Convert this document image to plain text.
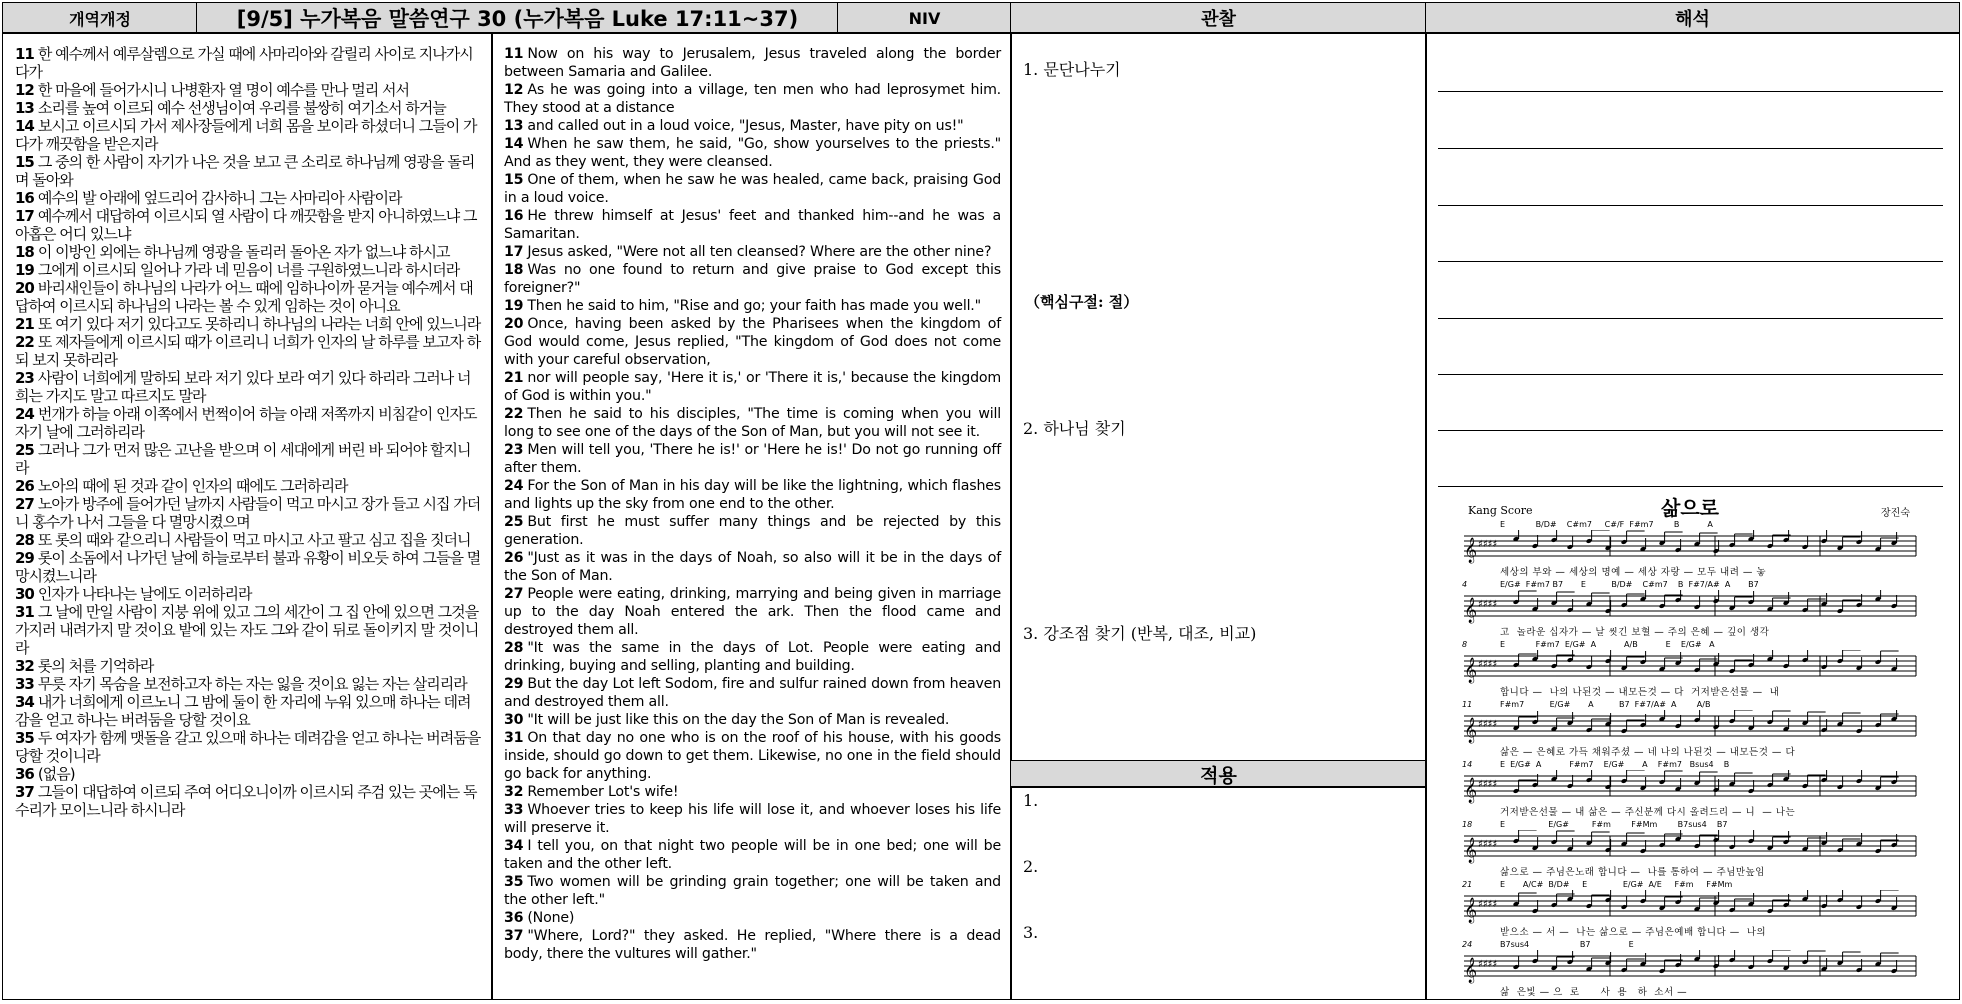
개역개정	[9/5] 누가복음 말씀연구 30 (누가복음 Luke 17:11~37)	NIV	관찰	해석
11 한 예수께서 예루살렘으로 가실 때에 사마리아와 갈릴리 사이로 지나가시다가
12 한 마을에 들어가시니 나병환자 열 명이 예수를 만나 멀리 서서
13 소리를 높여 이르되 예수 선생님이여 우리를 불쌍히 여기소서 하거늘
14 보시고 이르시되 가서 제사장들에게 너희 몸을 보이라 하셨더니 그들이 가다가 깨끗함을 받은지라
15 그 중의 한 사람이 자기가 나은 것을 보고 큰 소리로 하나님께 영광을 돌리며 돌아와
16 예수의 발 아래에 엎드리어 감사하니 그는 사마리아 사람이라
17 예수께서 대답하여 이르시되 열 사람이 다 깨끗함을 받지 아니하였느냐 그 아홉은 어디 있느냐
18 이 이방인 외에는 하나님께 영광을 돌리러 돌아온 자가 없느냐 하시고
19 그에게 이르시되 일어나 가라 네 믿음이 너를 구원하였느니라 하시더라
20 바리새인들이 하나님의 나라가 어느 때에 임하나이까 묻거늘 예수께서 대답하여 이르시되 하나님의 나라는 볼 수 있게 임하는 것이 아니요
21 또 여기 있다 저기 있다고도 못하리니 하나님의 나라는 너희 안에 있느니라
22 또 제자들에게 이르시되 때가 이르리니 너희가 인자의 날 하루를 보고자 하되 보지 못하리라
23 사람이 너희에게 말하되 보라 저기 있다 보라 여기 있다 하리라 그러나 너희는 가지도 말고 따르지도 말라
24 번개가 하늘 아래 이쪽에서 번쩍이어 하늘 아래 저쪽까지 비침같이 인자도 자기 날에 그러하리라
25 그러나 그가 먼저 많은 고난을 받으며 이 세대에게 버린 바 되어야 할지니라
26 노아의 때에 된 것과 같이 인자의 때에도 그러하리라
27 노아가 방주에 들어가던 날까지 사람들이 먹고 마시고 장가 들고 시집 가더니 홍수가 나서 그들을 다 멸망시켰으며
28 또 롯의 때와 같으리니 사람들이 먹고 마시고 사고 팔고 심고 집을 짓더니
29 롯이 소돔에서 나가던 날에 하늘로부터 불과 유황이 비오듯 하여 그들을 멸망시켰느니라
30 인자가 나타나는 날에도 이러하리라
31 그 날에 만일 사람이 지붕 위에 있고 그의 세간이 그 집 안에 있으면 그것을 가지러 내려가지 말 것이요 밭에 있는 자도 그와 같이 뒤로 돌이키지 말 것이니라
32 롯의 처를 기억하라
33 무릇 자기 목숨을 보전하고자 하는 자는 잃을 것이요 잃는 자는 살리리라
34 내가 너희에게 이르노니 그 밤에 둘이 한 자리에 누워 있으매 하나는 데려감을 얻고 하나는 버려둠을 당할 것이요
35 두 여자가 함께 맷돌을 갈고 있으매 하나는 데려감을 얻고 하나는 버려둠을 당할 것이니라
36 (없음)
37 그들이 대답하여 이르되 주여 어디오니이까 이르시되 주검 있는 곳에는 독수리가 모이느니라 하시니라
11 Now on his way to Jerusalem, Jesus traveled along the border between Samaria and Galilee.
12 As he was going into a village, ten men who had leprosymet him. They stood at a distance
13 and called out in a loud voice, "Jesus, Master, have pity on us!"
14 When he saw them, he said, "Go, show yourselves to the priests." And as they went, they were cleansed.
15 One of them, when he saw he was healed, came back, praising God in a loud voice.
16 He threw himself at Jesus' feet and thanked him--and he was a Samaritan.
17 Jesus asked, "Were not all ten cleansed? Where are the other nine?
18 Was no one found to return and give praise to God except this foreigner?"
19 Then he said to him, "Rise and go; your faith has made you well."
20 Once, having been asked by the Pharisees when the kingdom of God would come, Jesus replied, "The kingdom of God does not come with your careful observation,
21 nor will people say, 'Here it is,' or 'There it is,' because the kingdom of God is within you."
22 Then he said to his disciples, "The time is coming when you will long to see one of the days of the Son of Man, but you will not see it.
23 Men will tell you, 'There he is!' or 'Here he is!' Do not go running off after them.
24 For the Son of Man in his day will be like the lightning, which flashes and lights up the sky from one end to the other.
25 But first he must suffer many things and be rejected by this generation.
26 "Just as it was in the days of Noah, so also will it be in the days of the Son of Man.
27 People were eating, drinking, marrying and being given in marriage up to the day Noah entered the ark. Then the flood came and destroyed them all.
28 "It was the same in the days of Lot. People were eating and drinking, buying and selling, planting and building.
29 But the day Lot left Sodom, fire and sulfur rained down from heaven and destroyed them all.
30 "It will be just like this on the day the Son of Man is revealed.
31 On that day no one who is on the roof of his house, with his goods inside, should go down to get them. Likewise, no one in the field should go back for anything.
32 Remember Lot's wife!
33 Whoever tries to keep his life will lose it, and whoever loses his life will preserve it.
34 I tell you, on that night two people will be in one bed; one will be taken and the other left.
35 Two women will be grinding grain together; one will be taken and the other left."
36 (None)
37 "Where, Lord?" they asked. He replied, "Where there is a dead body, there the vultures will gather."
1. 문단나누기
（핵심구절: 절）
2. 하나님 찾기
3. 강조점 찾기 (반복, 대조, 비교)
적용
1.
2.
3.
Kang Score	삶으로	장진숙
E            B/D#    C#m7     C#/F  F#m7        B           A
𝄞 ♯♯♯♯
세상의 부와 — 세상의 명예 — 세상 자랑 — 모두 내려 — 놓
4	E/G#  F#m7 B7       E          B/D#    C#m7    B  F#7/A#  A       B7
𝄞 ♯♯♯♯
고  놀라운 십자가 — 날 씻긴 보혈 — 주의 은혜 — 깊이 생각
8	E            F#m7  E/G#  A           A/B           E    E/G#   A
𝄞 ♯♯♯♯
합니다 —  나의 나된것 — 내모든것 — 다  거저받은선물 —  내
11	F#m7          E/G#       A          B7  F#7/A#  A        A/B
𝄞 ♯♯♯♯
삶은 — 은혜로 가득 채워주셨 — 네 나의 나된것 — 내모든것 — 다
14	E  E/G#  A           F#m7    E/G#       A    F#m7   Bsus4    B
𝄞 ♯♯♯♯
거저받은선물 — 내 삶은 — 주신분께 다시 올려드리 — 니  — 나는
18	E                 E/G#         F#m        F#Mm        B7sus4    B7
𝄞 ♯♯♯♯
삶으로 — 주님은노래 합니다 —  나를 통하여 — 주님만높임
21	E       A/C#  B/D#     E              E/G#  A/E     F#m     F#Mm
𝄞 ♯♯♯♯
받으소 — 서 —  나는 삶으로 — 주님은예배 합니다 —  나의
24	B7sus4                    B7               E
𝄞 ♯♯♯♯
삶  은빛 — 으  로      사  용   하  소서 —
